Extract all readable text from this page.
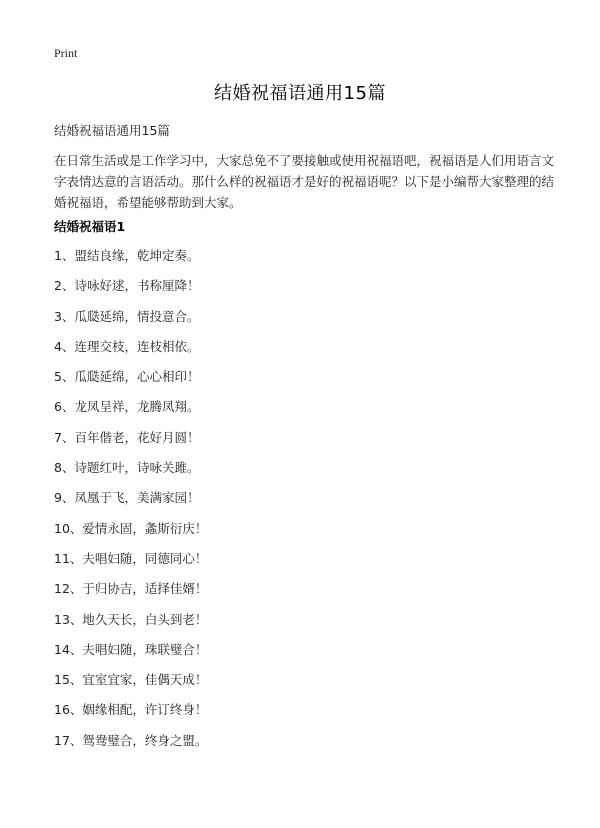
Print
结婚祝福语通用15篇
结婚祝福语通用15篇
在日常生活或是工作学习中，大家总免不了要接触或使用祝福语吧，祝福语是人们用语言文字表情达意的言语活动。那什么样的祝福语才是好的祝福语呢？以下是小编帮大家整理的结婚祝福语，希望能够帮助到大家。
结婚祝福语1
1、盟结良缘，乾坤定奏。
2、诗咏好逑，书称厘降！
3、瓜瓞延绵，情投意合。
4、连理交枝，连枝相依。
5、瓜瓞延绵，心心相印！
6、龙凤呈祥，龙腾凤翔。
7、百年偕老，花好月圆！
8、诗题红叶，诗咏关雎。
9、凤凰于飞，美满家园！
10、爱情永固，螽斯衍庆！
11、夫唱妇随，同德同心！
12、于归协吉，适择佳婿！
13、地久天长，白头到老！
14、夫唱妇随，珠联璧合！
15、宜室宜家，佳偶天成！
16、姻缘相配，许订终身！
17、鸳鸯璧合，终身之盟。
